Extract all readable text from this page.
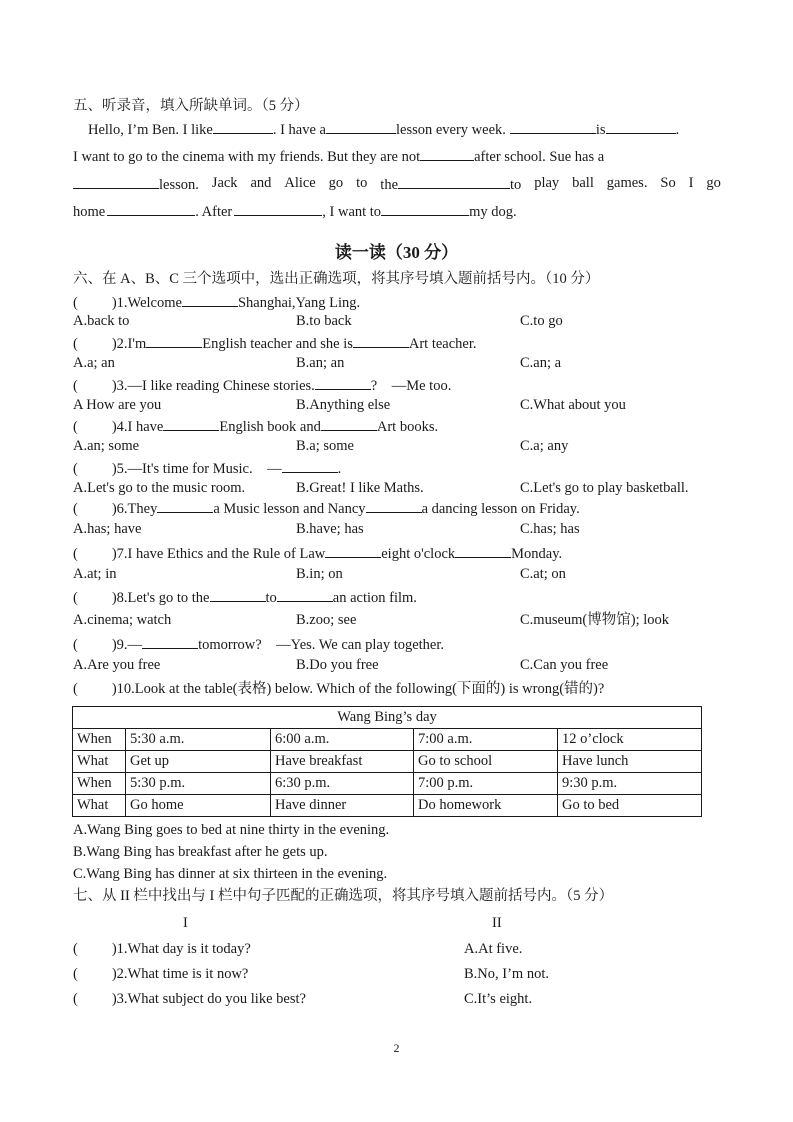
五、听录音，填入所缺单词。（5 分）
Hello, I’m Ben. I like	. I have a	lesson every week.	is	.
I want to go to the cinema with my friends. But they are not	after school. Sue has a
lesson. Jack and Alice go to the	to play ball games. So I go
home	. After	, I want to	my dog.
读一读（30 分）
六、在 A、B、C 三个选项中，选出正确选项，将其序号填入题前括号内。（10 分）
( )1.Welcome	Shanghai,Yang Ling.
A.back to	B.to back	C.to go
( )2.I'm	English teacher and she is	Art teacher.
A.a; an	B.an; an	C.an; a
( )3.—I like reading Chinese stories.	?　—Me too.
A How are you	B.Anything else	C.What about you
( )4.I have	English book and	Art books.
A.an; some	B.a; some	C.a; any
( )5.—It's time for Music.　—	.
A.Let's go to the music room.	B.Great! I like Maths.	C.Let's go to play basketball.
( )6.They	a Music lesson and Nancy	a dancing lesson on Friday.
A.has; have	B.have; has	C.has; has
( )7.I have Ethics and the Rule of Law	eight o'clock	Monday.
A.at; in	B.in; on	C.at; on
( )8.Let's go to the	to	an action film.
A.cinema; watch	B.zoo; see	C.museum(博物馆); look
( )9.—	tomorrow?　—Yes. We can play together.
A.Are you free	B.Do you free	C.Can you free
( )10.Look at the table(表格) below. Which of the following(下面的) is wrong(错的)?
Wang Bing’s day				
When	5:30 a.m.	6:00 a.m.	7:00 a.m.	12 o’clock
What	Get up	Have breakfast	Go to school	Have lunch
When	5:30 p.m.	6:30 p.m.	7:00 p.m.	9:30 p.m.
What	Go home	Have dinner	Do homework	Go to bed
A.Wang Bing goes to bed at nine thirty in the evening.
B.Wang Bing has breakfast after he gets up.
C.Wang Bing has dinner at six thirteen in the evening.
七、从 II 栏中找出与 I 栏中句子匹配的正确选项，将其序号填入题前括号内。（5 分）
I	II
( )1.What day is it today?	A.At five.
( )2.What time is it now?	B.No, I’m not.
( )3.What subject do you like best?	C.It’s eight.
2
